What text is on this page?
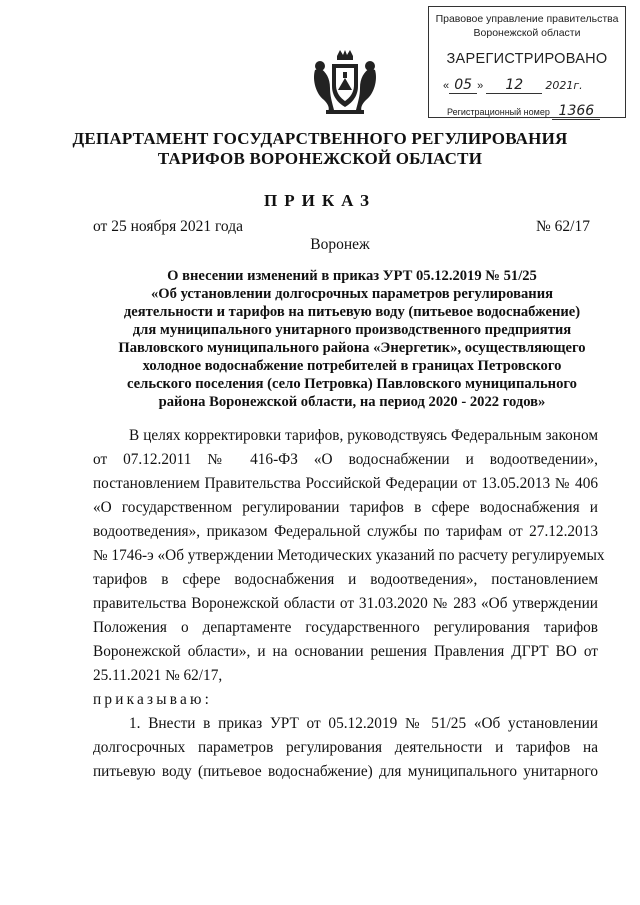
Правовое управление правительства
Воронежской области
ЗАРЕГИСТРИРОВАНО
« 05 » 12 2021г.
Регистрационный номер 1366
ДЕПАРТАМЕНТ ГОСУДАРСТВЕННОГО РЕГУЛИРОВАНИЯ
ТАРИФОВ ВОРОНЕЖСКОЙ ОБЛАСТИ
ПРИКАЗ
от 25 ноября 2021 года	№ 62/17
Воронеж
О внесении изменений в приказ УРТ 05.12.2019 № 51/25
«Об установлении долгосрочных параметров регулирования
деятельности и тарифов на питьевую воду (питьевое водоснабжение)
для муниципального унитарного производственного предприятия
Павловского муниципального района «Энергетик», осуществляющего
холодное водоснабжение потребителей в границах Петровского
сельского поселения (село Петровка) Павловского муниципального
района Воронежской области, на период 2020 - 2022 годов»
В целях корректировки тарифов, руководствуясь Федеральным законом
от 07.12.2011 № 416-ФЗ «О водоснабжении и водоотведении»,
постановлением Правительства Российской Федерации от 13.05.2013 № 406
«О государственном регулировании тарифов в сфере водоснабжения и
водоотведения», приказом Федеральной службы по тарифам от 27.12.2013
№ 1746-э «Об утверждении Методических указаний по расчету регулируемых
тарифов в сфере водоснабжения и водоотведения», постановлением
правительства Воронежской области от 31.03.2020 № 283 «Об утверждении
Положения о департаменте государственного регулирования тарифов
Воронежской области», и на основании решения Правления ДГРТ ВО от
25.11.2021 № 62/17,
приказываю:
1. Внести в приказ УРТ от 05.12.2019 № 51/25 «Об установлении
долгосрочных параметров регулирования деятельности и тарифов на
питьевую воду (питьевое водоснабжение) для муниципального унитарного
